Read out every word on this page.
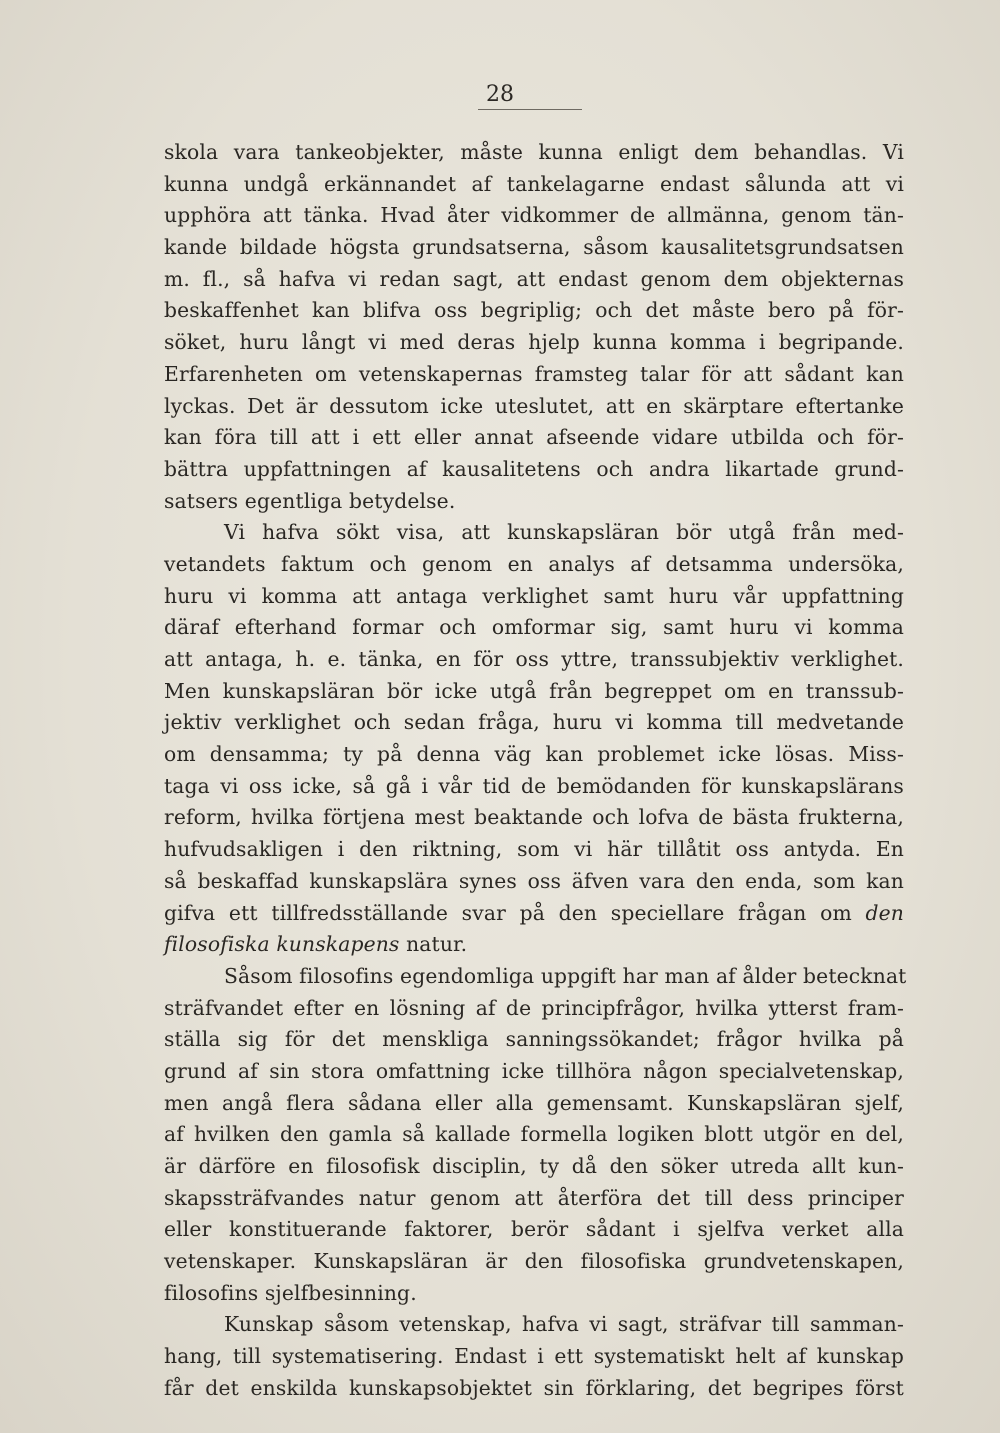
28
skola vara tankeobjekter, måste kunna enligt dem behandlas. Vi
kunna undgå erkännandet af tankelagarne endast sålunda att vi
upphöra att tänka. Hvad åter vidkommer de allmänna, genom tän-
kande bildade högsta grundsatserna, såsom kausalitetsgrundsatsen
m. fl., så hafva vi redan sagt, att endast genom dem objekternas
beskaffenhet kan blifva oss begriplig; och det måste bero på för-
söket, huru långt vi med deras hjelp kunna komma i begripande.
Erfarenheten om vetenskapernas framsteg talar för att sådant kan
lyckas. Det är dessutom icke uteslutet, att en skärptare eftertanke
kan föra till att i ett eller annat afseende vidare utbilda och för-
bättra uppfattningen af kausalitetens och andra likartade grund-
satsers egentliga betydelse.
Vi hafva sökt visa, att kunskapsläran bör utgå från med-
vetandets faktum och genom en analys af detsamma undersöka,
huru vi komma att antaga verklighet samt huru vår uppfattning
däraf efterhand formar och omformar sig, samt huru vi komma
att antaga, h. e. tänka, en för oss yttre, transsubjektiv verklighet.
Men kunskapsläran bör icke utgå från begreppet om en transsub-
jektiv verklighet och sedan fråga, huru vi komma till medvetande
om densamma; ty på denna väg kan problemet icke lösas. Miss-
taga vi oss icke, så gå i vår tid de bemödanden för kunskapslärans
reform, hvilka förtjena mest beaktande och lofva de bästa frukterna,
hufvudsakligen i den riktning, som vi här tillåtit oss antyda. En
så beskaffad kunskapslära synes oss äfven vara den enda, som kan
gifva ett tillfredsställande svar på den speciellare frågan om den
filosofiska kunskapens natur.
Såsom filosofins egendomliga uppgift har man af ålder betecknat
sträfvandet efter en lösning af de principfrågor, hvilka ytterst fram-
ställa sig för det menskliga sanningssökandet; frågor hvilka på
grund af sin stora omfattning icke tillhöra någon specialvetenskap,
men angå flera sådana eller alla gemensamt. Kunskapsläran sjelf,
af hvilken den gamla så kallade formella logiken blott utgör en del,
är därföre en filosofisk disciplin, ty då den söker utreda allt kun-
skapssträfvandes natur genom att återföra det till dess principer
eller konstituerande faktorer, berör sådant i sjelfva verket alla
vetenskaper. Kunskapsläran är den filosofiska grundvetenskapen,
filosofins sjelfbesinning.
Kunskap såsom vetenskap, hafva vi sagt, sträfvar till samman-
hang, till systematisering. Endast i ett systematiskt helt af kunskap
får det enskilda kunskapsobjektet sin förklaring, det begripes först
